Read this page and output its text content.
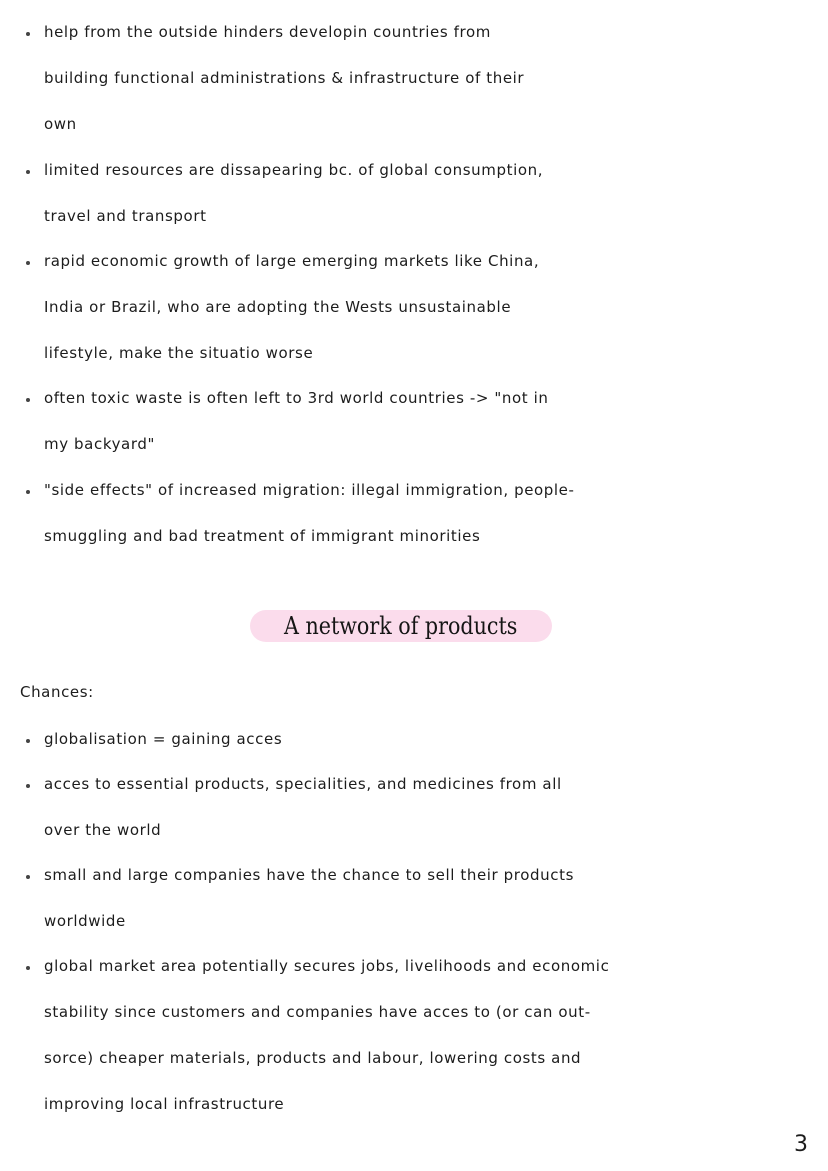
help from the outside hinders developin countries from
building functional administrations & infrastructure of their
own
limited resources are dissapearing bc. of global consumption,
travel and transport
rapid economic growth of large emerging markets like China,
India or Brazil, who are adopting the Wests unsustainable
lifestyle, make the situatio worse
often toxic waste is often left to 3rd world countries -> "not in
my backyard"
"side effects" of increased migration: illegal immigration, people-
smuggling and bad treatment of immigrant minorities
A network of products
Chances:
globalisation = gaining acces
acces to essential products, specialities, and medicines from all
over the world
small and large companies have the chance to sell their products
worldwide
global market area potentially secures jobs, livelihoods and economic
stability since customers and companies have acces to (or can out-
sorce) cheaper materials, products and labour, lowering costs and
improving local infrastructure
3
